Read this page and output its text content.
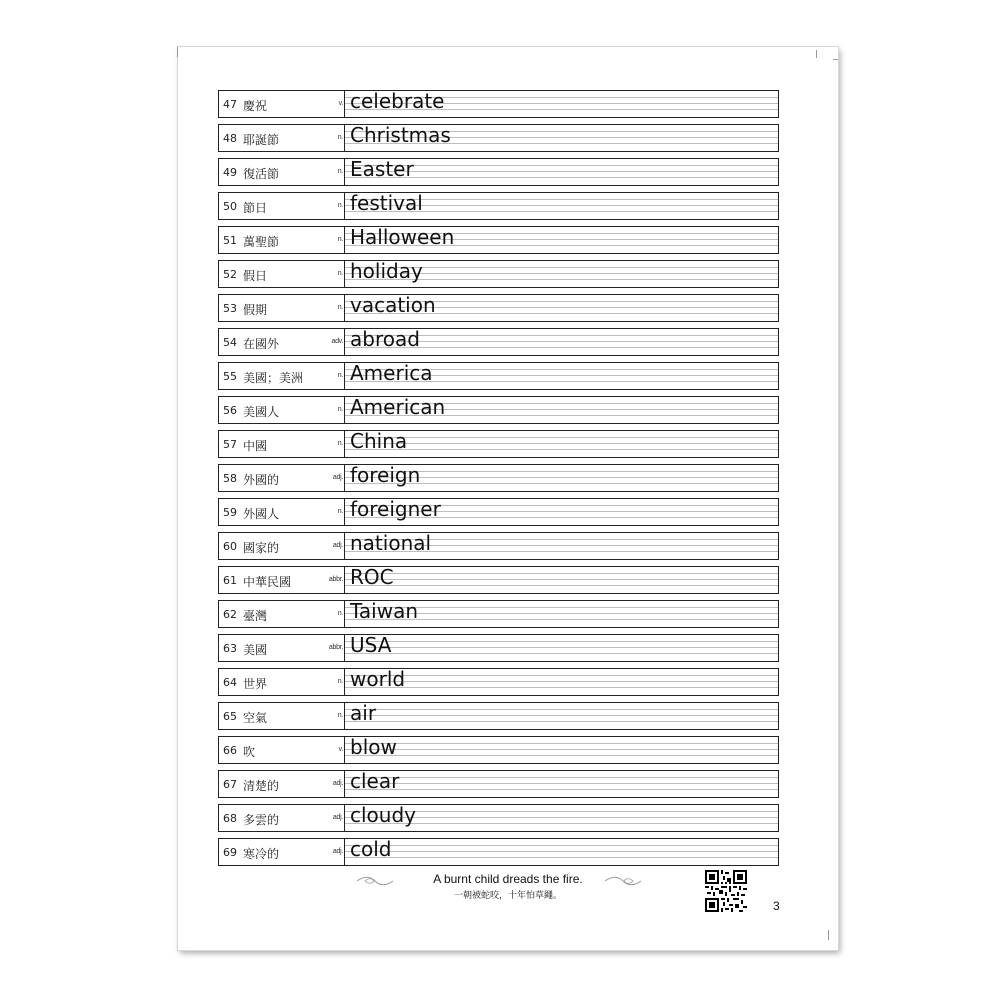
47 慶祝	v. celebrate
48 耶誕節	n. Christmas
49 復活節	n. Easter
50 節日	n. festival
51 萬聖節	n. Halloween
52 假日	n. holiday
53 假期	n. vacation
54 在國外	adv. abroad
55 美國；美洲	n. America
56 美國人	n. American
57 中國	n. China
58 外國的	adj. foreign
59 外國人	n. foreigner
60 國家的	adj. national
61 中華民國	abbr. ROC
62 臺灣	n. Taiwan
63 美國	abbr. USA
64 世界	n. world
65 空氣	n. air
66 吹	v. blow
67 清楚的	adj. clear
68 多雲的	adj. cloudy
69 寒冷的	adj. cold
A burnt child dreads the fire.
一朝被蛇咬，十年怕草繩。
3
